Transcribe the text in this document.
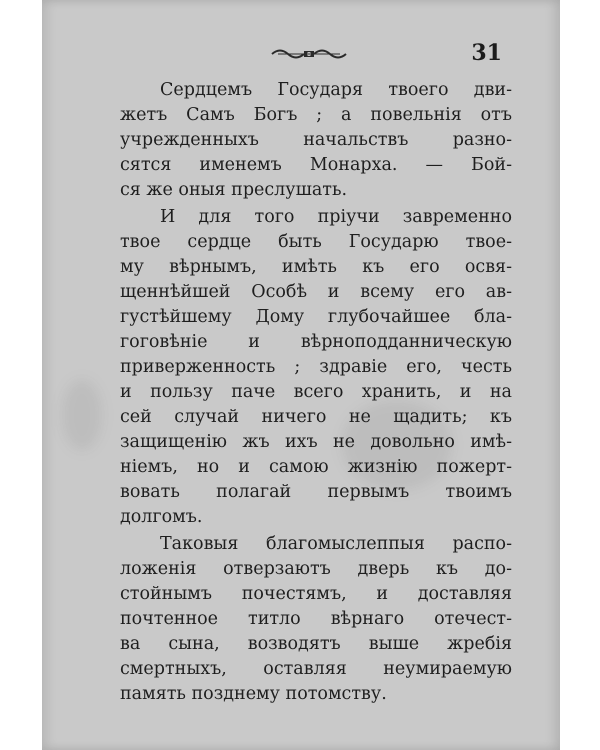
31

Сердцемъ Государя твоего дви-
жетъ Самъ Богъ ; а повельнія отъ
учрежденныхъ начальствъ разно-
сятся именемъ Монарха. — Бой-
ся же оныя преслушать.

И для того пріучи заврeменно
твое сердце быть Государю твое-
му вѣрнымъ, имѣть къ его освя-
щеннѣйшей Особѣ и всему его ав-
густѣйшему Дому глубочайшее бла-
гоговѣніе и вѣрноподданническую
приверженность ; здравіе его, честь
и пользу паче всего хранить, и на
сей случай ничего не щадить; къ
защищенію жъ ихъ не довольно имѣ-
ніемъ, но и самою жизнію пожерт-
вовать полагай первымъ твоимъ
долгомъ.

Таковыя благомыслеппыя распо-
ложенія отверзаютъ дверь къ до-
стойнымъ почестямъ, и доставляя
почтенное титло вѣрнаго отечест-
ва сына, возводятъ выше жребія
смертныхъ, оставляя неумираемую
память позднему потомству.
